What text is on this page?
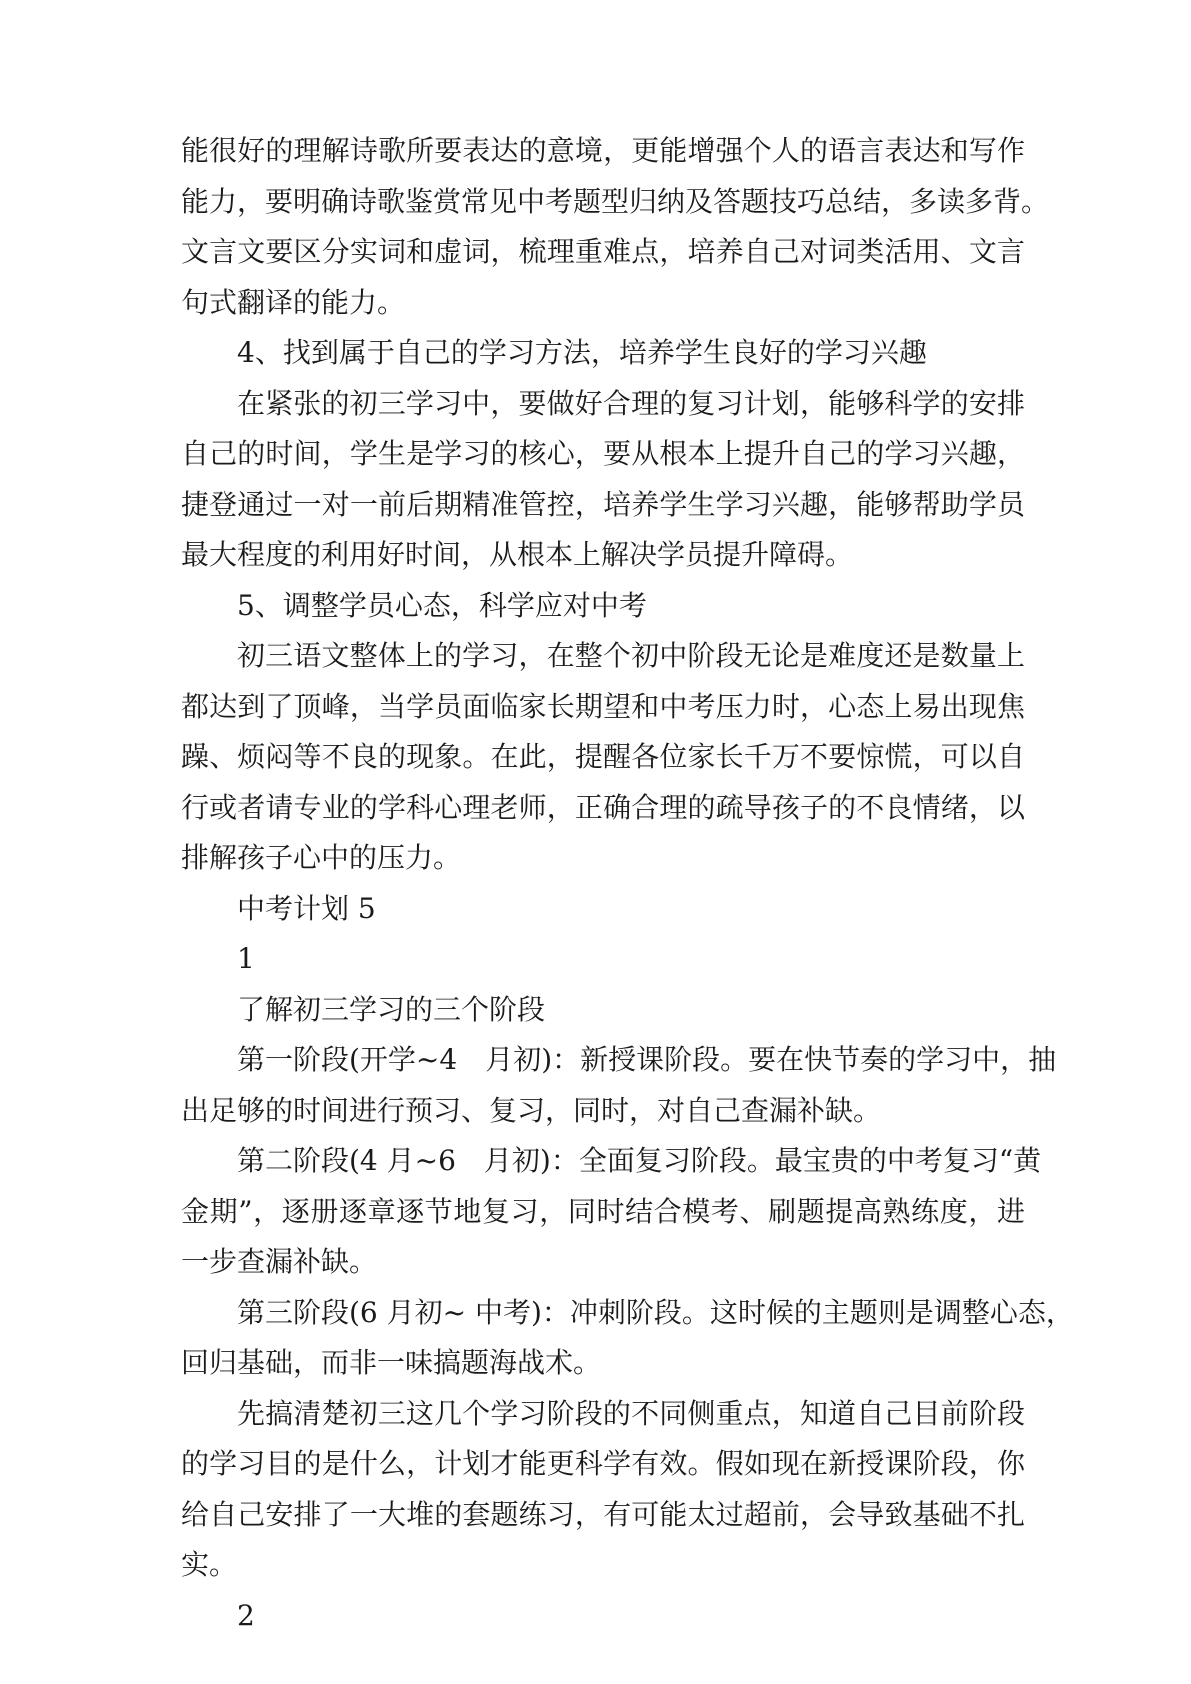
能很好的理解诗歌所要表达的意境，更能增强个人的语言表达和写作
能力，要明确诗歌鉴赏常见中考题型归纳及答题技巧总结，多读多背。
文言文要区分实词和虚词，梳理重难点，培养自己对词类活用、文言
句式翻译的能力。
4、找到属于自己的学习方法，培养学生良好的学习兴趣
在紧张的初三学习中，要做好合理的复习计划，能够科学的安排
自己的时间，学生是学习的核心，要从根本上提升自己的学习兴趣，
捷登通过一对一前后期精准管控，培养学生学习兴趣，能够帮助学员
最大程度的利用好时间，从根本上解决学员提升障碍。
5、调整学员心态，科学应对中考
初三语文整体上的学习，在整个初中阶段无论是难度还是数量上
都达到了顶峰，当学员面临家长期望和中考压力时，心态上易出现焦
躁、烦闷等不良的现象。在此，提醒各位家长千万不要惊慌，可以自
行或者请专业的学科心理老师，正确合理的疏导孩子的不良情绪，以
排解孩子心中的压力。
中考计划 5
1
了解初三学习的三个阶段
第一阶段(开学~4　月初)：新授课阶段。要在快节奏的学习中，抽
出足够的时间进行预习、复习，同时，对自己查漏补缺。
第二阶段(4 月~6　月初)：全面复习阶段。最宝贵的中考复习“黄
金期”，逐册逐章逐节地复习，同时结合模考、刷题提高熟练度，进
一步查漏补缺。
第三阶段(6 月初~ 中考)：冲刺阶段。这时候的主题则是调整心态，
回归基础，而非一味搞题海战术。
先搞清楚初三这几个学习阶段的不同侧重点，知道自己目前阶段
的学习目的是什么，计划才能更科学有效。假如现在新授课阶段，你
给自己安排了一大堆的套题练习，有可能太过超前，会导致基础不扎
实。
2
